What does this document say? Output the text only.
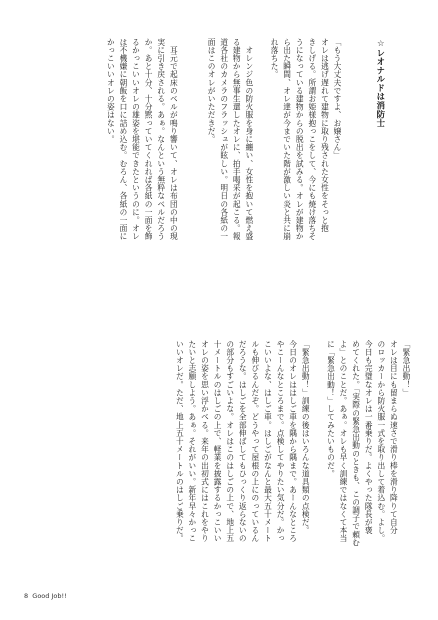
☆レオナルドは消防士

「もう大丈夫ですよ、お嬢さん」

オレは逃げ遅れて建物に取り残された女性をそっと抱

きしげる。所謂お姫様抱っこをして、今にも焼け落ちそ

うになっている建物からの脱出を試みる。オレが建物か

ら出た瞬間、オレ達が今までいた階が激しい炎と共に崩

れ落ちた。

　オレンジ色の防火服を身に纏い、女性を抱いて燃え盛

る建物から無事生還したオレに、拍手喝采が起こる。報

道各社のカメラのフラッシュが眩しい。明日の各紙の一

面はこのオレがいただきだ。

　耳元で起床のベルが鳴り響いて、オレは布団の中の現

実に引き戻される。あぁ。なんという無粋なベルだろう

か。あと十分、十分黙っていてくれれば各紙の一面を飾

るかっこいいオレの雄姿を堪能できたというのに。オレ

は不機嫌に朝飯を口に詰め込む。むろん、各紙の一面に

かっこいいオレの姿はない。

「緊急出動！」

オレは目にも留まらぬ速さで滑り棒を滑り降りて自分

のロッカーから防火服一式を取り出して着込む。よし。

今日も完璧なオレは一番乗りだ。よくやった隊長が褒

めてくれた。「実際の緊急出動のときも、この調子で頼む

よ」とのことだ。あぁ。オレも早く訓練ではなくて本当

に「緊急出動！」してみたいものだ。

「緊急出動！」訓練の後はいろんな道具類の点検だ。

今日のオレははしご車を隅から隅まで。あーんなところ

やこーんなところまで。点検してやりたい気分だ。かっ

こいいよな、はしご車。はしごがなんと最大五十メート

ルも伸びるんだぞ。どうやって屋根の上にのっているん

だろうな。はしごを全部伸ばしてもひっくり返らないの

の部分もすごいよな。オレはこのはしごの上で、地上五

十メートルのはしごの上で、軽業を披露するかっこいい

オレの姿を思い浮かべる。来年の出初式にはこれをやり

たいと志願しよう。あぁ。それがいい。新年早々かっこ

いいオレだ。ただ、地上五十メートルのはしご乗りだ。

8 Good Job!!
